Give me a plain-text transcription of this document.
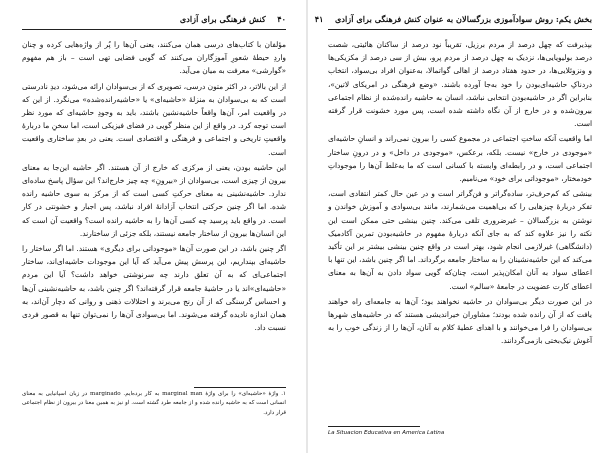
۴۰    کنش فرهنگی برای آزادی

مؤلفان با کتاب‌های درسی همان می‌کنند، یعنی آن‌ها را پُر از واژه‌هایی کرده و چنان واردِ حیطهٔ شعورِ آموزگاران می‌کنند که گویی فضایی تهی است – باز هم مفهوم «گوارشی» معرفت به میان می‌آید.

از این بالاتر، در اکثر متون درسی، تصویری که از بی‌سوادان ارائه می‌شود، دیدِ نادرستی است که به بی‌سوادان به منزلهٔ «حاشیه‌ای» یا «حاشیه‌رانده‌شده» می‌نگرد. از این که در واقعیت امر، آن‌ها واقعاً حاشیه‌نشین باشند، باید به وجودِ حاشیه‌ای که مورد نظر است توجه کرد. در واقع از این منظر گویی در فضای فیزیکی است، اما سخنِ ما دربارهٔ واقعیتِ تاریخی و اجتماعی و فرهنگی و اقتصادی است. یعنی در بعدِ ساختاری واقعیت است.

این حاشیه بودن، یعنی از مرکزی که خارج از آن هستند. اگر حاشیه این‌جا به معنای بیرون از چیزی است، بی‌سوادان از «بیرونِ» چه چیز خارج‌اند؟ این سؤال پاسخ ساده‌ای ندارد. حاشیه‌نشینی به معنای حرکتِ کسی است که از مرکز به سوی حاشیه رانده شده. اما اگر چنین حرکتی انتخاب آزادانهٔ افراد نباشد، پس اجبار و خشونتی در کار است. در واقع باید پرسید چه کسی آن‌ها را به حاشیه رانده است؟ واقعیت آن است که این انسان‌ها بیرون از ساختار جامعه نیستند، بلکه جزئی از ساختارند.

اگر چنین باشد، در این صورت آن‌ها «موجوداتی برای دیگری» هستند. اما اگر ساختار را حاشیه‌ای بپنداریم، این پرسش پیش می‌آید که آیا این موجودات حاشیه‌ای‌اند، ساختار اجتماعی‌ای که به آن تعلق دارند چه سرنوشتی خواهد داشت؟ آیا این مردم «حاشیه‌ای»اند یا در حاشیهٔ جامعه قرار گرفته‌اند؟ اگر چنین باشد، به حاشیه‌نشینی آن‌ها و احساس گرسنگی که از آن رنج می‌برند و اختلالات ذهنی و روانی که دچار آن‌اند، به همان اندازه نادیده گرفته می‌شوند. اما بی‌سوادی آن‌ها را نمی‌توان تنها به قصور فردی نسبت داد.

۱. واژهٔ «حاشیه‌ای» را برای واژهٔ marginal man به کار برده‌ایم. marginado در زبان اسپانیایی به معنای انسانی است که به حاشیه رانده شده و از جامعه طرد گشته است. او نیز به همین معنا در بیرون از نظام اجتماعی قرار دارد.
بخش یکم: روش سوادآموزی بزرگسالان به عنوان کنش فرهنگی برای آزادی    ۴۱

بپذیرفت که چهل درصد از مردم برزیل، تقریباً نود درصد از ساکنان هائیتی، شصت درصد بولیویایی‌ها، نزدیک به چهل درصد از مردم پرو، بیش از سی درصد از مکزیکی‌ها و ونزوئلایی‌ها، در حدود هفتاد درصد از اهالی گواتمالا، به‌عنوان افراد بی‌سواد، انتخاب دردناکِ حاشیه‌ای‌بودن را خود به‌جا آورده باشند. «وضع فرهنگی در امریکای لاتین»، بنابراین اگر در حاشیه‌بودن انتخابی نباشد، انسان به حاشیه رانده‌شده از نظام اجتماعی بیرون‌شده و در خارج از آن نگاه داشته شده است، پس مورد خشونت قرار گرفته است.

اما واقعیت آنکه ساختِ اجتماعی در مجموع کسی را بیرون نمی‌راند و انسانِ حاشیه‌ای «موجودی در خارج» نیست. بلکه، برعکس، «موجودی در داخل» و در درونِ ساختار اجتماعی است، و در رابطه‌ای وابسته با کسانی است که ما به‌غلط آن‌ها را موجوداتِ خودمختار، «موجوداتی برای خود» می‌نامیم.

بینشی که کم‌حرف‌تر، ساده‌گراتر و فن‌گراتر است و در عین حال کمتر انتقادی است، تفکر دربارهٔ چیزهایی را که بی‌اهمیت می‌شمارند، مانند بی‌سوادی و آموزش خواندن و نوشتن به بزرگسالان – غیرضروری تلقی می‌کند. چنین بینشی حتی ممکن است این نکته را نیز علاوه کند که به‌ جای آنکه دربارهٔ مفهوم در حاشیه‌بودن تمرین آکادمیک (دانشگاهی) غیرلازمی انجام شود، بهتر است در واقع چنین بینشی بیشتر بر این تأکید می‌کند که این حاشیه‌نشینان را به ساختار جامعه برگرداند. اما اگر چنین باشد، این تنها با اعطای سواد به آنان امکان‌پذیر است، چنان‌که گویی سواد دادن به آن‌ها به معنای اعطای کارت عضویت در جامعهٔ «سالم» است.

در این صورت دیگر بی‌سوادان در حاشیه نخواهند بود؛ آن‌ها به جامعه‌ای راه خواهند یافت که از آن رانده شده بودند؛ مشاوران خیراندیشی هستند که در حاشیه‌های شهرها بی‌سوادان را فرا می‌خوانند و با اهدای عطیهٔ کلام به آنان، آن‌ها را از زندگی خوب را به آغوش نیک‌بختی بازمی‌گردانند.

La Situacion Educativa en America Latina
